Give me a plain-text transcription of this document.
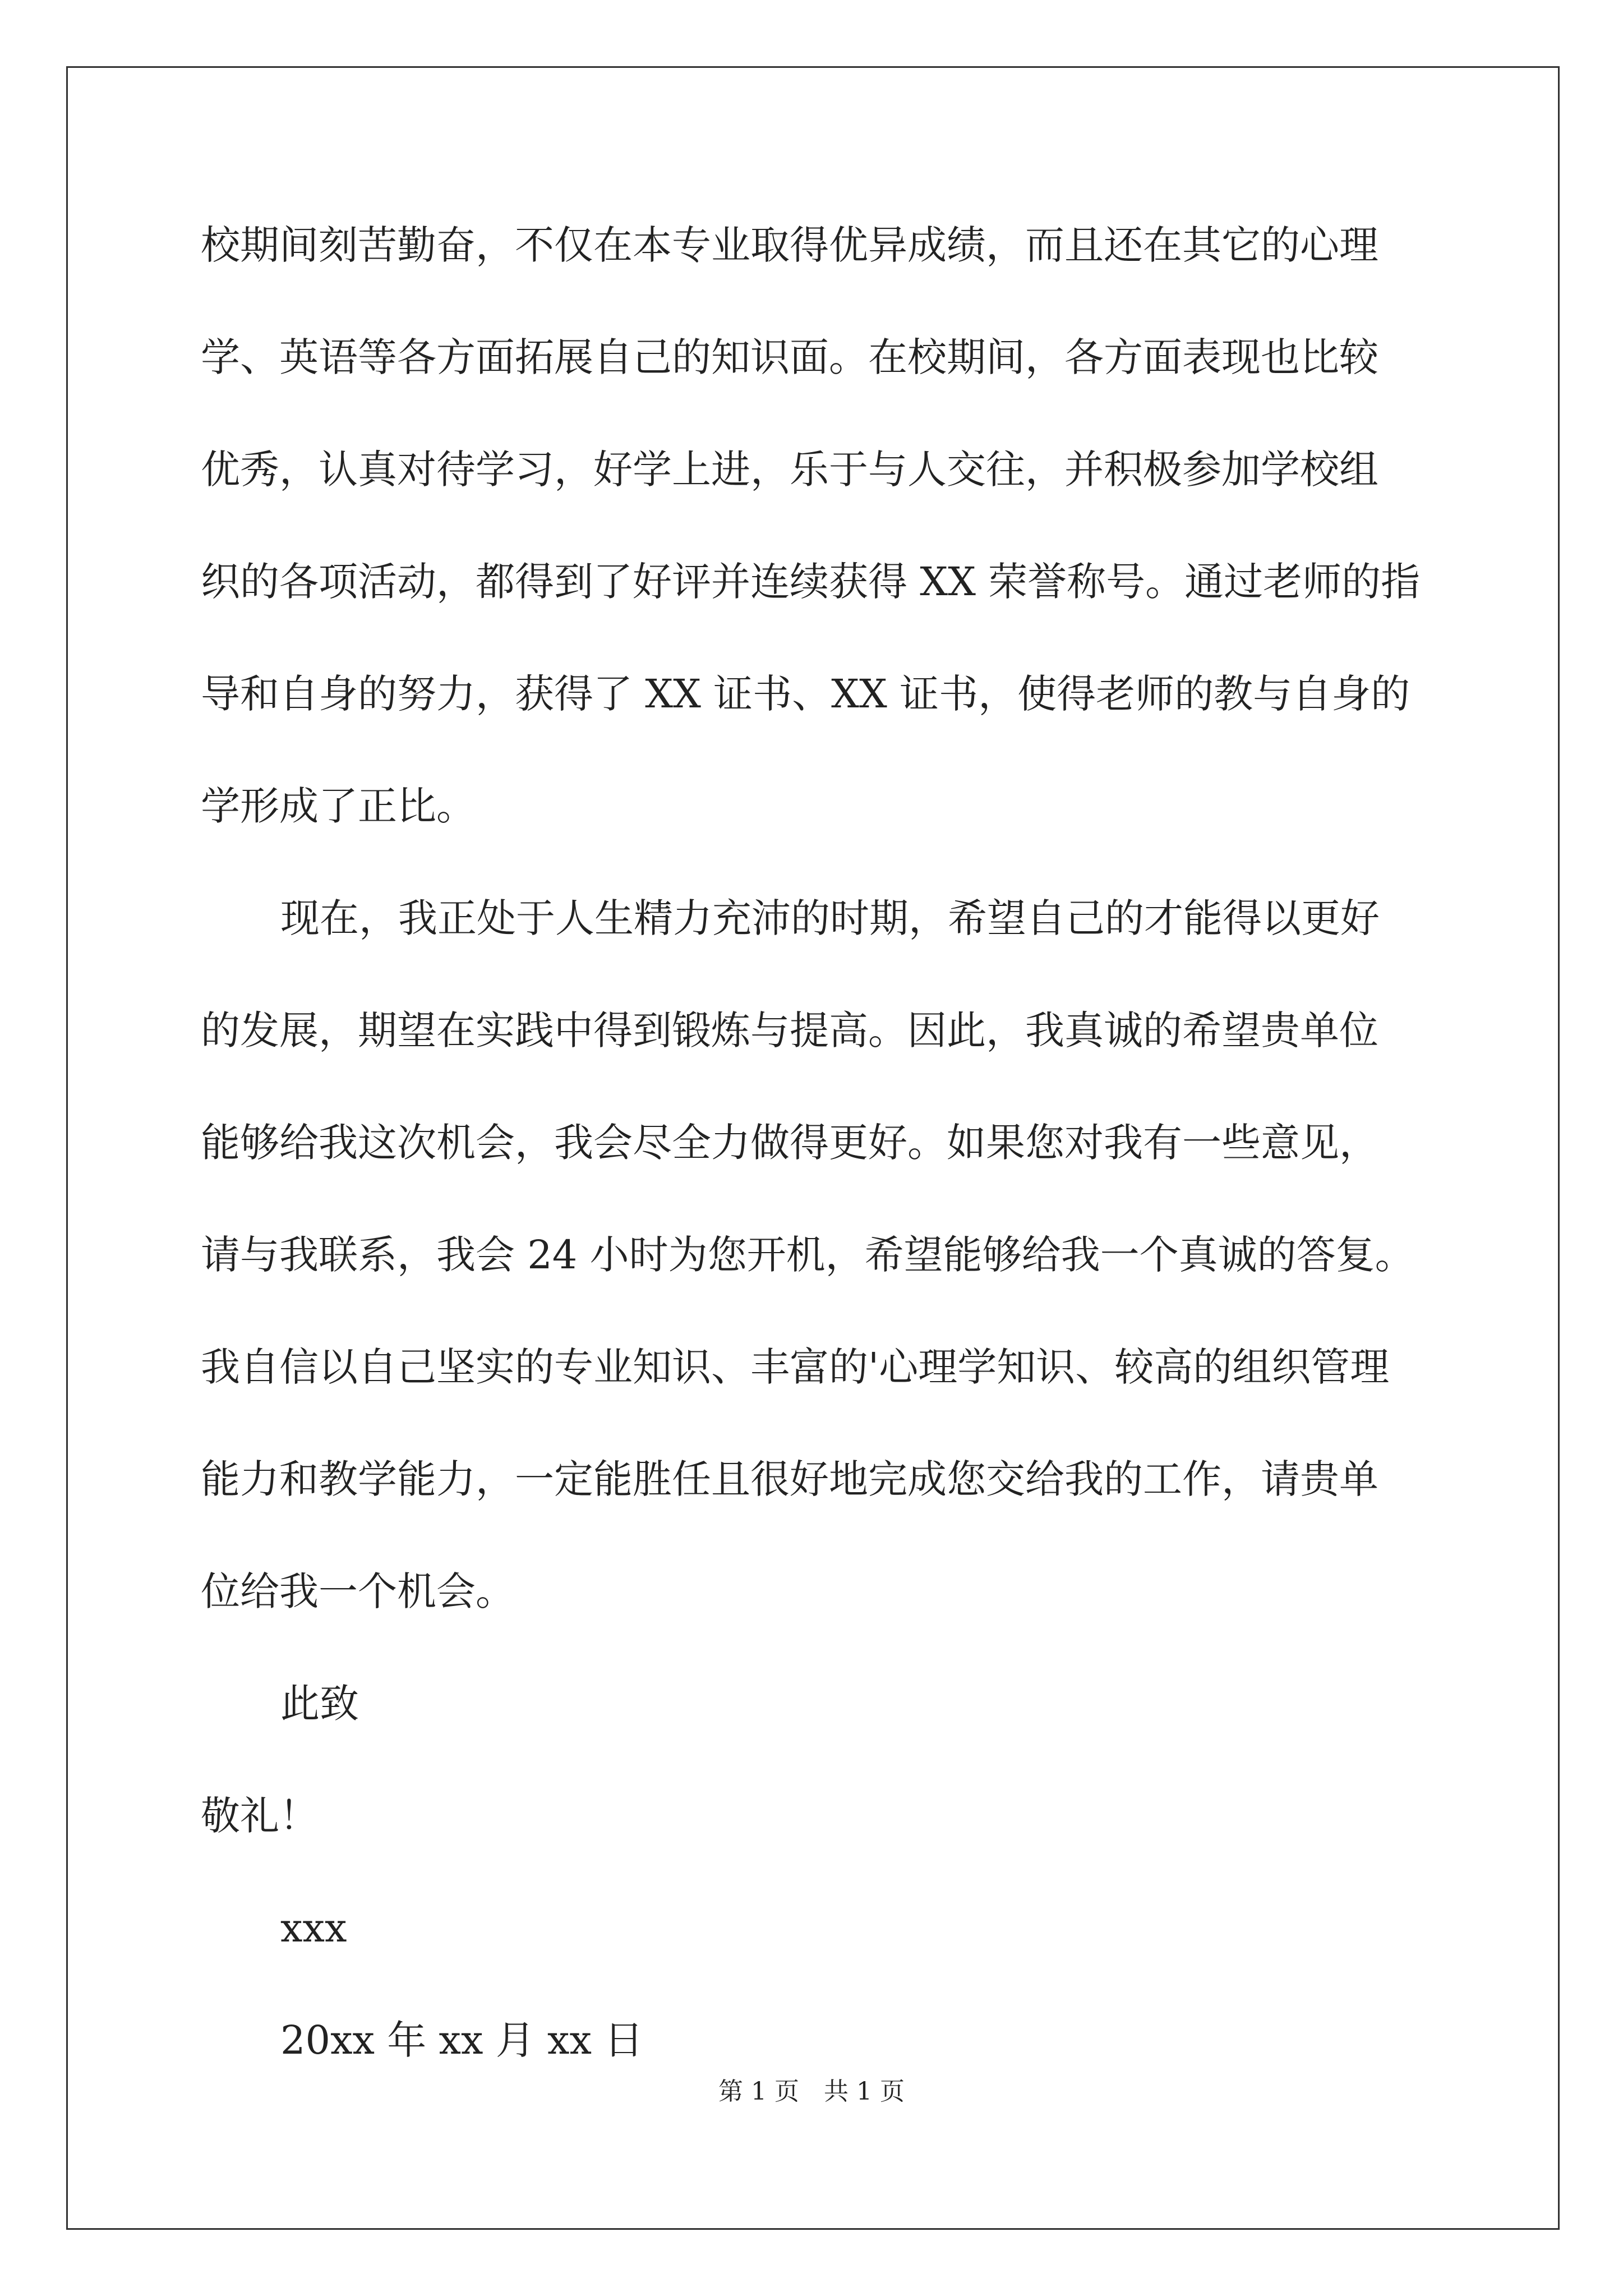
校期间刻苦勤奋，不仅在本专业取得优异成绩，而且还在其它的心理
学、英语等各方面拓展自己的知识面。在校期间，各方面表现也比较
优秀，认真对待学习，好学上进，乐于与人交往，并积极参加学校组
织的各项活动，都得到了好评并连续获得 XX 荣誉称号。通过老师的指
导和自身的努力，获得了 XX 证书、XX 证书，使得老师的教与自身的
学形成了正比。
现在，我正处于人生精力充沛的时期，希望自己的才能得以更好
的发展，期望在实践中得到锻炼与提高。因此，我真诚的希望贵单位
能够给我这次机会，我会尽全力做得更好。如果您对我有一些意见，
请与我联系，我会 24 小时为您开机，希望能够给我一个真诚的答复。
我自信以自己坚实的专业知识、丰富的'心理学知识、较高的组织管理
能力和教学能力，一定能胜任且很好地完成您交给我的工作，请贵单
位给我一个机会。
此致
敬礼！
xxx
20xx 年 xx 月 xx 日
第 1 页　共 1 页
